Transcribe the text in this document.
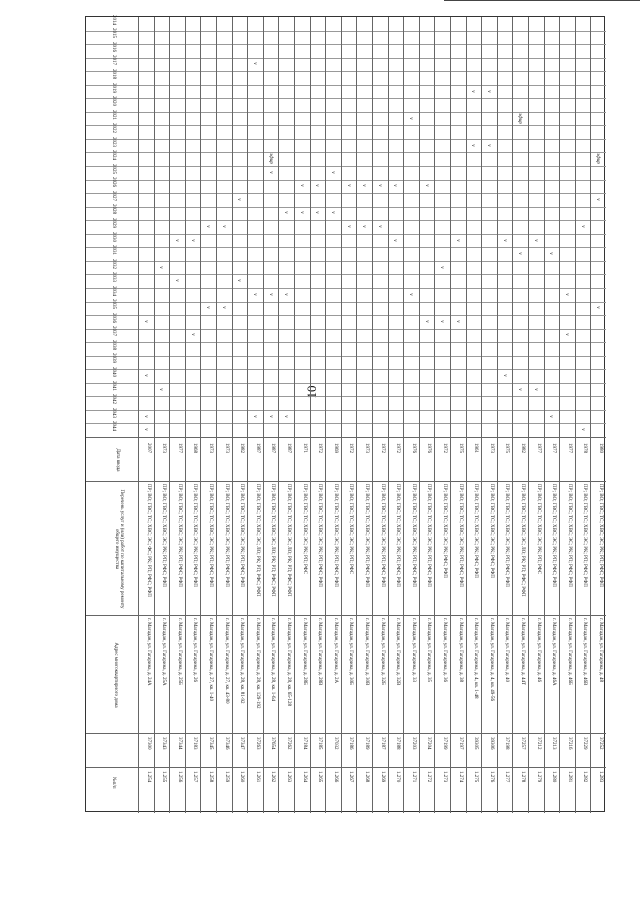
10
2014
2015
2016
2017
2018
2019
2020
2021
2022
2023
2024
2025
2026
2027
2028
2029
2030
2031
2032
2033
2034
2035
2036
2037
2038
2039
2040
2041
2042
2043
2044
Дата ввода
Перечень услуг и (или) работ по капитальному ремонту общего имущества
Адрес многоквартирного дома
№п/п
2007
ПР; ВО; ГВС; ТС; ХВС; ЭС; ФС; РК; РП; РФС; РФП
г. Магадан, ул. Гагарина, д. 24А
37300
1.254
1973
ПР; ВО; ГВС; ТС; ХВС; ЭС; РК; РП; РФС; РФП
г. Магадан, ул. Гагарина, д. 25А
37343
1.255
1977
ПР; ВО; ГВС; ТС; ХВС; ЭС; РК; РП; РФС; РФП
г. Магадан, ул. Гагарина, д. 25Б
37344
1.256
1968
ПР; ВО; ГВС; ТС; ХВС; ЭС; РК; РП; РФС; РФП
г. Магадан, ул. Гагарина, д. 26
37183
1.257
1973
ПР; ВО; ГВС; ТС; ХВС; ЭС; РК; РП; РФС; РФП
г. Магадан, ул. Гагарина, д. 27, кв. 1-40
37345
1.258
1973
ПР; ВО; ГВС; ТС; ХВС; ЭС; РК; РП; РФС; РФП
г. Магадан, ул. Гагарина, д. 27, кв. 43-80
37346
1.259
1982
ПР; ВО; ГВС; ТС; ХВС; ЭС; РК; РП; РФС; РФП
г. Магадан, ул. Гагарина, д. 28, кв. 81-92
37347
1.260
1987
ПР; ВО; ГВС; ТС; ХВС; ЭС; ЛО; РК; РП; РФС; РФП
г. Магадан, ул. Гагарина, д. 28, кв. 129-192
37263
1.261
1987
ПР; ВО; ГВС; ТС; ХВС; ЭС; ЛО; РК; РП; РФС; РФП
г. Магадан, ул. Гагарина, д. 28, кв. 1-64
37654
1.262
1987
ПР; ВО; ГВС; ТС; ХВС; ЭС; ЛО; РК; РП; РФС; РФП
г. Магадан, ул. Гагарина, д. 28, кв. 65-128
37262
1.263
1971
ПР; ВО; ГВС; ТС; ХВС; ЭС; РК; РП; РФС
г. Магадан, ул. Гагарина, д. 28Б
37184
1.264
1972
ПР; ВО; ГВС; ТС; ХВС; ЭС; РК; РП; РФС; РФП
г. Магадан, ул. Гагарина, д. 28В
37185
1.265
1969
ПР; ВО; ГВС; ТС; ХВС; ЭС; РК; РП; РФС; РФП
г. Магадан, ул. Гагарина, д. 2А
37032
1.266
1972
ПР; ВО; ГВС; ТС; ХВС; ЭС; РК; РП; РФС
г. Магадан, ул. Гагарина, д. 30Б
37186
1.267
1973
ПР; ВО; ГВС; ТС; ХВС; ЭС; РК; РП; РФС; РФП
г. Магадан, ул. Гагарина, д. 30В
37189
1.268
1972
ПР; ВО; ГВС; ТС; ХВС; ЭС; РК; РП; РФС; РФП
г. Магадан, ул. Гагарина, д. 32Б
37187
1.269
1972
ПР; ВО; ГВС; ТС; ХВС; ЭС; РК; РП; РФС; РФП
г. Магадан, ул. Гагарина, д. 32В
37188
1.270
1976
ПР; ВО; ГВС; ТС; ХВС; ЭС; РК; РП; РФС; РФП
г. Магадан, ул. Гагарина, д. 33
37203
1.271
1976
ПР; ВО; ГВС; ТС; ХВС; ЭС; РК; РП; РФС; РФП
г. Магадан, ул. Гагарина, д. 35
37204
1.272
1972
ПР; ВО; ГВС; ТС; ХВС; ЭС; РК; РФС; РФП
г. Магадан, ул. Гагарина, д. 36
37199
1.273
1975
ПР; ВО; ГВС; ТС; ХВС; ЭС; РК; РП; РФС; РФП
г. Магадан, ул. Гагарина, д. 38
37197
1.274
1961
ПР; ВО; ГВС; ТС; ХВС; ЭС; РК; РФС; РФП
г. Магадан, ул. Гагарина, д. 4, кв. 1-48
39305
1.275
1973
ПР; ВО; ГВС; ТС; ХВС; ЭС; РК; РФС; РФП
г. Магадан, ул. Гагарина, д. 4, кв. 49-56
39306
1.276
1975
ПР; ВО; ГВС; ТС; ХВС; ЭС; РК; РП; РФС; РФП
г. Магадан, ул. Гагарина, д. 40
37198
1.277
1982
ПР; ВО; ГВС; ТС; ХВС; ЭС; ЛО; РК; РП; РФС; РФП
г. Магадан, ул. Гагарина, д. 44Т
37257
1.278
1977
ПР; ВО; ГВС; ТС; ХВС; ЭС; РК; РП; РФС
г. Магадан, ул. Гагарина, д. 46
37212
1.279
1977
ПР; ВО; ГВС; ТС; ХВС; ЭС; РК; РП; РФС; РФП
г. Магадан, ул. Гагарина, д. 46А
37213
1.280
1977
ПР; ВО; ГВС; ТС; ХВС; ЭС; РК; РП; РФС; РФП
г. Магадан, ул. Гагарина, д. 46Б
37216
1.281
1978
ПР; ВО; ГВС; ТС; ХВС; ЭС; РК; РП; РФС; РФП
г. Магадан, ул. Гагарина, д. 46В
37229
1.282
1980
ПР; ВО; ГВС; ТС; ХВС; ЭС; РК; РП; РФС; РФП
г. Магадан, ул. Гагарина, д. 48
37252
1.283
v
v
v
v
v
v
v
v
v
v
v
v
v
v
v
v
v
v
v
v
v
v
v
v
v v
v
v
v
v
v
v
v
v
v
v
v
v
v
v
v
v
v
v
v
v
v
v
v
v
v
v
v
v
v
v
v
v
v
v
v
v
v
v
v
эфир
эфир
эфир
